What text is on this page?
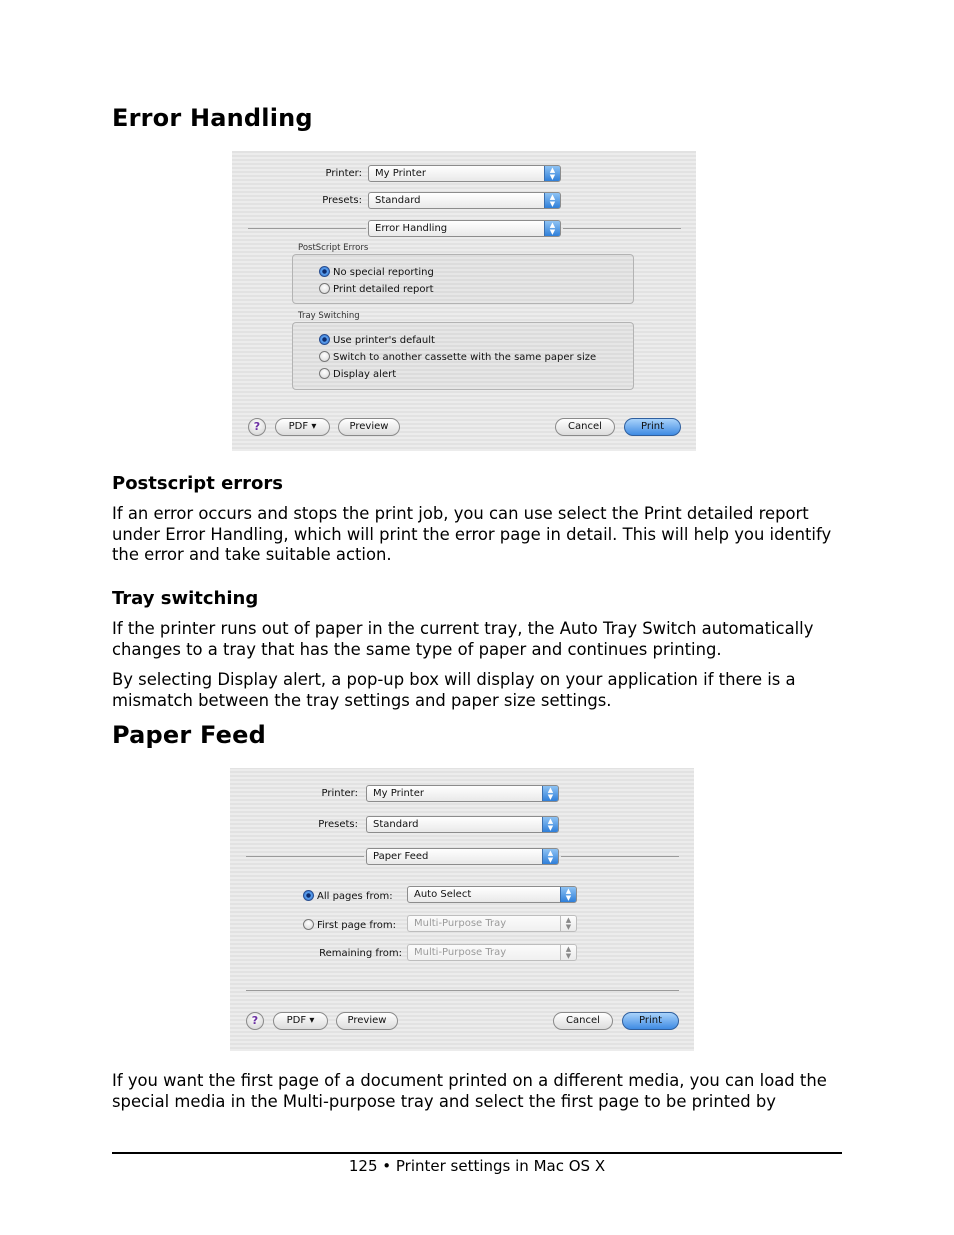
Error Handling
Printer:	My Printer	▲
▼
Presets:	Standard	▲
▼
Error Handling	▲
▼
PostScript Errors
No special reporting
Print detailed report
Tray Switching
Use printer's default
Switch to another cassette with the same paper size
Display alert
?	PDF ▾	Preview	Cancel	Print
Postscript errors
If an error occurs and stops the print job, you can use select the Print detailed report under Error Handling, which will print the error page in detail. This will help you identify the error and take suitable action.
Tray switching
If the printer runs out of paper in the current tray, the Auto Tray Switch automatically changes to a tray that has the same type of paper and continues printing.
By selecting Display alert, a pop-up box will display on your application if there is a mismatch between the tray settings and paper size settings.
Paper Feed
Printer:	My Printer	▲
▼
Presets:	Standard	▲
▼
Paper Feed	▲
▼
All pages from:	Auto Select	▲
▼
First page from:	Multi-Purpose Tray	▲
▼
Remaining from:	Multi-Purpose Tray	▲
▼
?	PDF ▾	Preview	Cancel	Print
If you want the first page of a document printed on a different media, you can load the special media in the Multi-purpose tray and select the first page to be printed by
125 • Printer settings in Mac OS X
